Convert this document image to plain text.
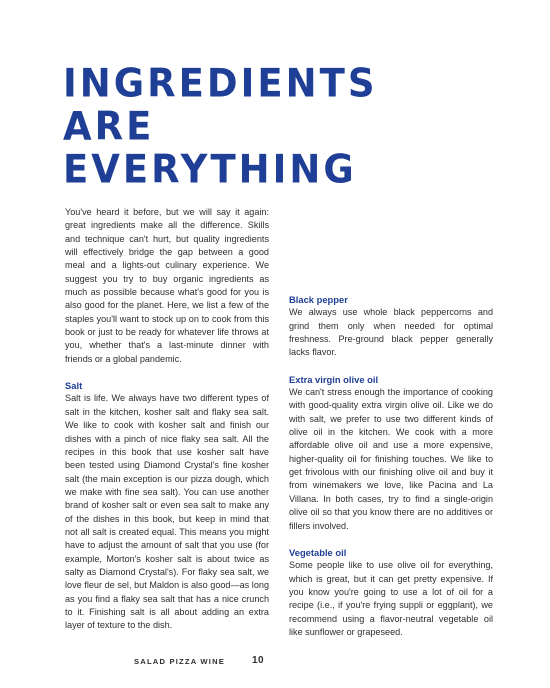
INGREDIENTS
ARE
EVERYTHING

You've heard it before, but we will say it again: great ingredients make all the difference. Skills and technique can't hurt, but quality ingredients will effectively bridge the gap between a good meal and a lights-out culinary experience. We suggest you try to buy organic ingredients as much as possible because what's good for you is also good for the planet. Here, we list a few of the staples you'll want to stock up on to cook from this book or just to be ready for whatever life throws at you, whether that's a last-minute dinner with friends or a global pandemic.

Salt

Salt is life. We always have two different types of salt in the kitchen, kosher salt and flaky sea salt. We like to cook with kosher salt and finish our dishes with a pinch of nice flaky sea salt. All the recipes in this book that use kosher salt have been tested using Diamond Crystal's fine kosher salt (the main exception is our pizza dough, which we make with fine sea salt). You can use another brand of kosher salt or even sea salt to make any of the dishes in this book, but keep in mind that not all salt is created equal. This means you might have to adjust the amount of salt that you use (for example, Morton's kosher salt is about twice as salty as Diamond Crystal's). For flaky sea salt, we love fleur de sel, but Maldon is also good—as long as you find a flaky sea salt that has a nice crunch to it. Finishing salt is all about adding an extra layer of texture to the dish.

Black pepper

We always use whole black peppercorns and grind them only when needed for optimal freshness. Pre-ground black pepper generally lacks flavor.

Extra virgin olive oil

We can't stress enough the importance of cooking with good-quality extra virgin olive oil. Like we do with salt, we prefer to use two different kinds of olive oil in the kitchen. We cook with a more affordable olive oil and use a more expensive, higher-quality oil for finishing touches. We like to get frivolous with our finishing olive oil and buy it from winemakers we love, like Pacina and La Villana. In both cases, try to find a single-origin olive oil so that you know there are no additives or fillers involved.

Vegetable oil

Some people like to use olive oil for everything, which is great, but it can get pretty expensive. If you know you're going to use a lot of oil for a recipe (i.e., if you're frying suppli or eggplant), we recommend using a flavor-neutral vegetable oil like sunflower or grapeseed.

SALAD PIZZA WINE	10
